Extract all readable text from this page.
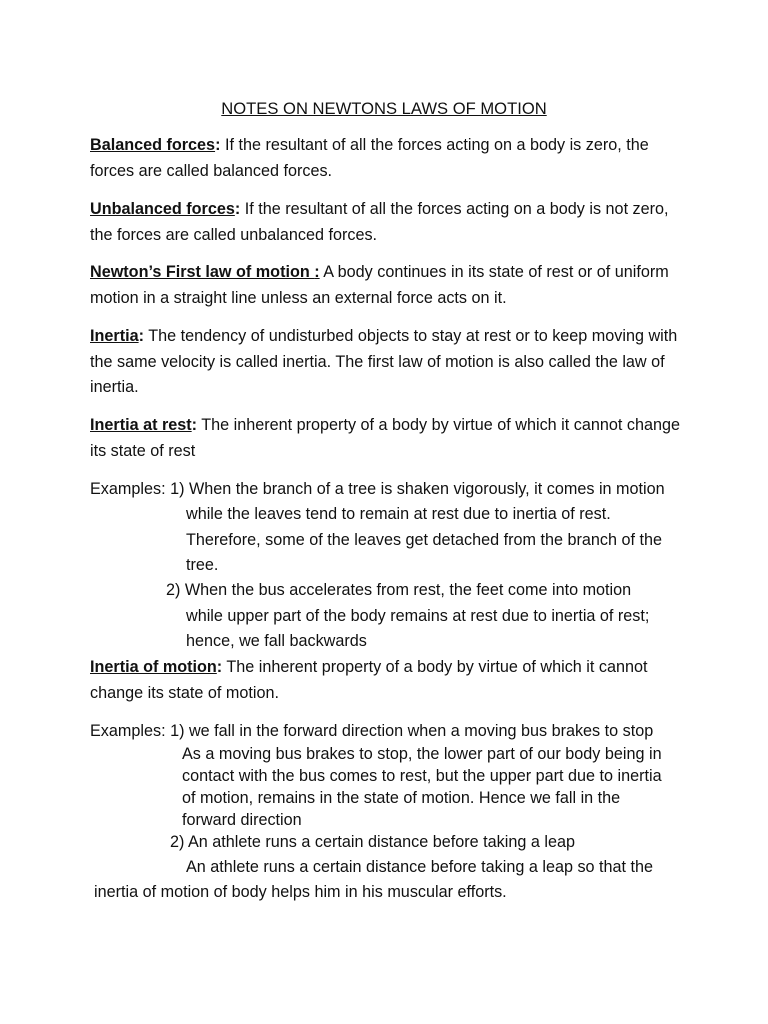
NOTES ON NEWTONS LAWS OF MOTION
Balanced forces: If the resultant of all the forces acting on a body is zero, the forces are called balanced forces.
Unbalanced forces: If the resultant of all the forces acting on a body is not zero, the forces are called unbalanced forces.
Newton’s First law of motion : A body continues in its state of rest or of uniform motion in a straight line unless an external force acts on it.
Inertia: The tendency of undisturbed objects to stay at rest or to keep moving with the same velocity is called inertia. The first law of motion is also called the law of inertia.
Inertia at rest: The inherent property of a body by virtue of which it cannot change its state of rest
Examples: 1) When the branch of a tree is shaken vigorously, it comes in motion
while the leaves tend to remain at rest due to inertia of rest.
Therefore, some of the leaves get detached from the branch of the
tree.
2) When the bus accelerates from rest, the feet come into motion
while upper part of the body remains at rest due to inertia of rest;
hence, we fall backwards
Inertia of motion: The inherent property of a body by virtue of which it cannot change its state of motion.
Examples: 1) we fall in the forward direction when a moving bus brakes to stop
As a moving bus brakes to stop, the lower part of our body being in
contact with the bus comes to rest, but the upper part due to inertia
of motion, remains in the state of motion. Hence we fall in the
forward direction
2) An athlete runs a certain distance before taking a leap
An athlete runs a certain distance before taking a leap so that the
inertia of motion of body helps him in his muscular efforts.
